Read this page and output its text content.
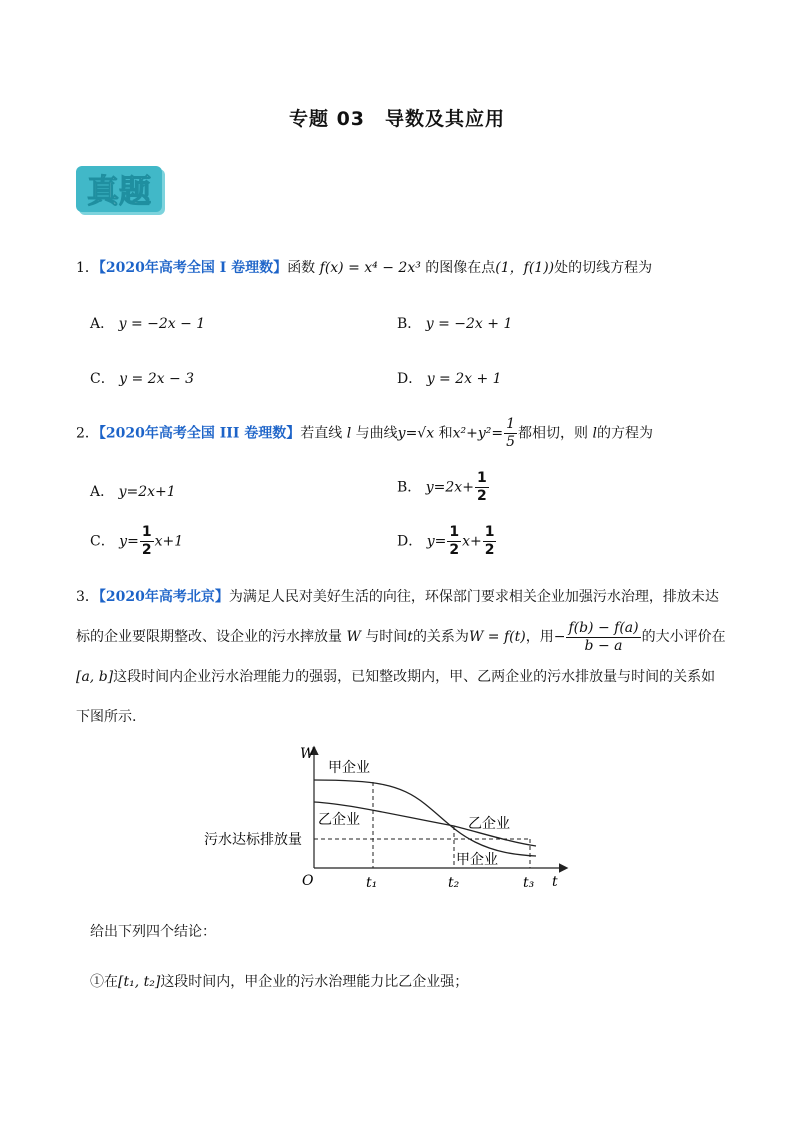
专题 03　导数及其应用
真题
1．【2020年高考全国 I 卷理数】函数 f(x) = x⁴ − 2x³ 的图像在点(1，f(1))处的切线方程为
A． y = −2x − 1	B． y = −2x + 1
C． y = 2x − 3	D． y = 2x + 1
2．【2020年高考全国 III 卷理数】若直线 l 与曲线y=√x 和$x^2+y^2= \frac{1}{5}$ 都相切，则 l的方程为
A． y=2x+1	B． $y=2x+ \frac{1}{2}$
C． $y= \frac{1}{2} x+1$	D． $y= \frac{1}{2} x+ \frac{1}{2}$
3．【2020年高考北京】为满足人民对美好生活的向往，环保部门要求相关企业加强污水治理，排放未达标的企业要限期整改、设企业的污水摔放量 W 与时间t的关系为W = f(t)，用− $\frac{f(b) - f(a)}{b - a}$ 的大小评价在 [a, b]这段时间内企业污水治理能力的强弱，已知整改期内，甲、乙两企业的污水排放量与时间的关系如下图所示.
W
t
O
污水达标排放量
甲企业
乙企业	乙企业
甲企业
t₁	t₂	t₃
给出下列四个结论：
①在[t₁, t₂]这段时间内，甲企业的污水治理能力比乙企业强；
